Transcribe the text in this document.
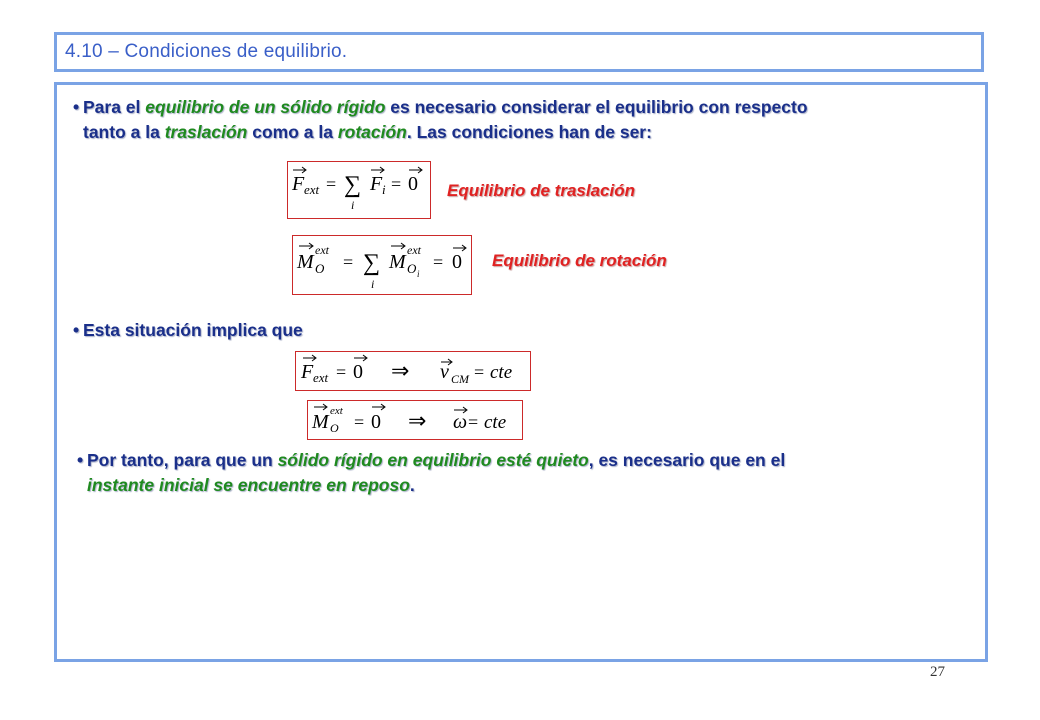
4.10 – Condiciones de equilibrio.
• Para el equilibrio de un sólido rígido es necesario considerar el equilibrio con respecto
tanto a la traslación como a la rotación. Las condiciones han de ser:
F ext = ∑
i
F i = 0 Equilibrio de traslación
M
ext
O = ∑
i
M
ext
O i
= 0 Equilibrio de rotación
• Esta situación implica que
F ext = 0 ⇒ v CM = cte
M ext
O = 0 ⇒ ω = cte
• Por tanto, para que un sólido rígido en equilibrio esté quieto, es necesario que en el
instante inicial se encuentre en reposo.
27
